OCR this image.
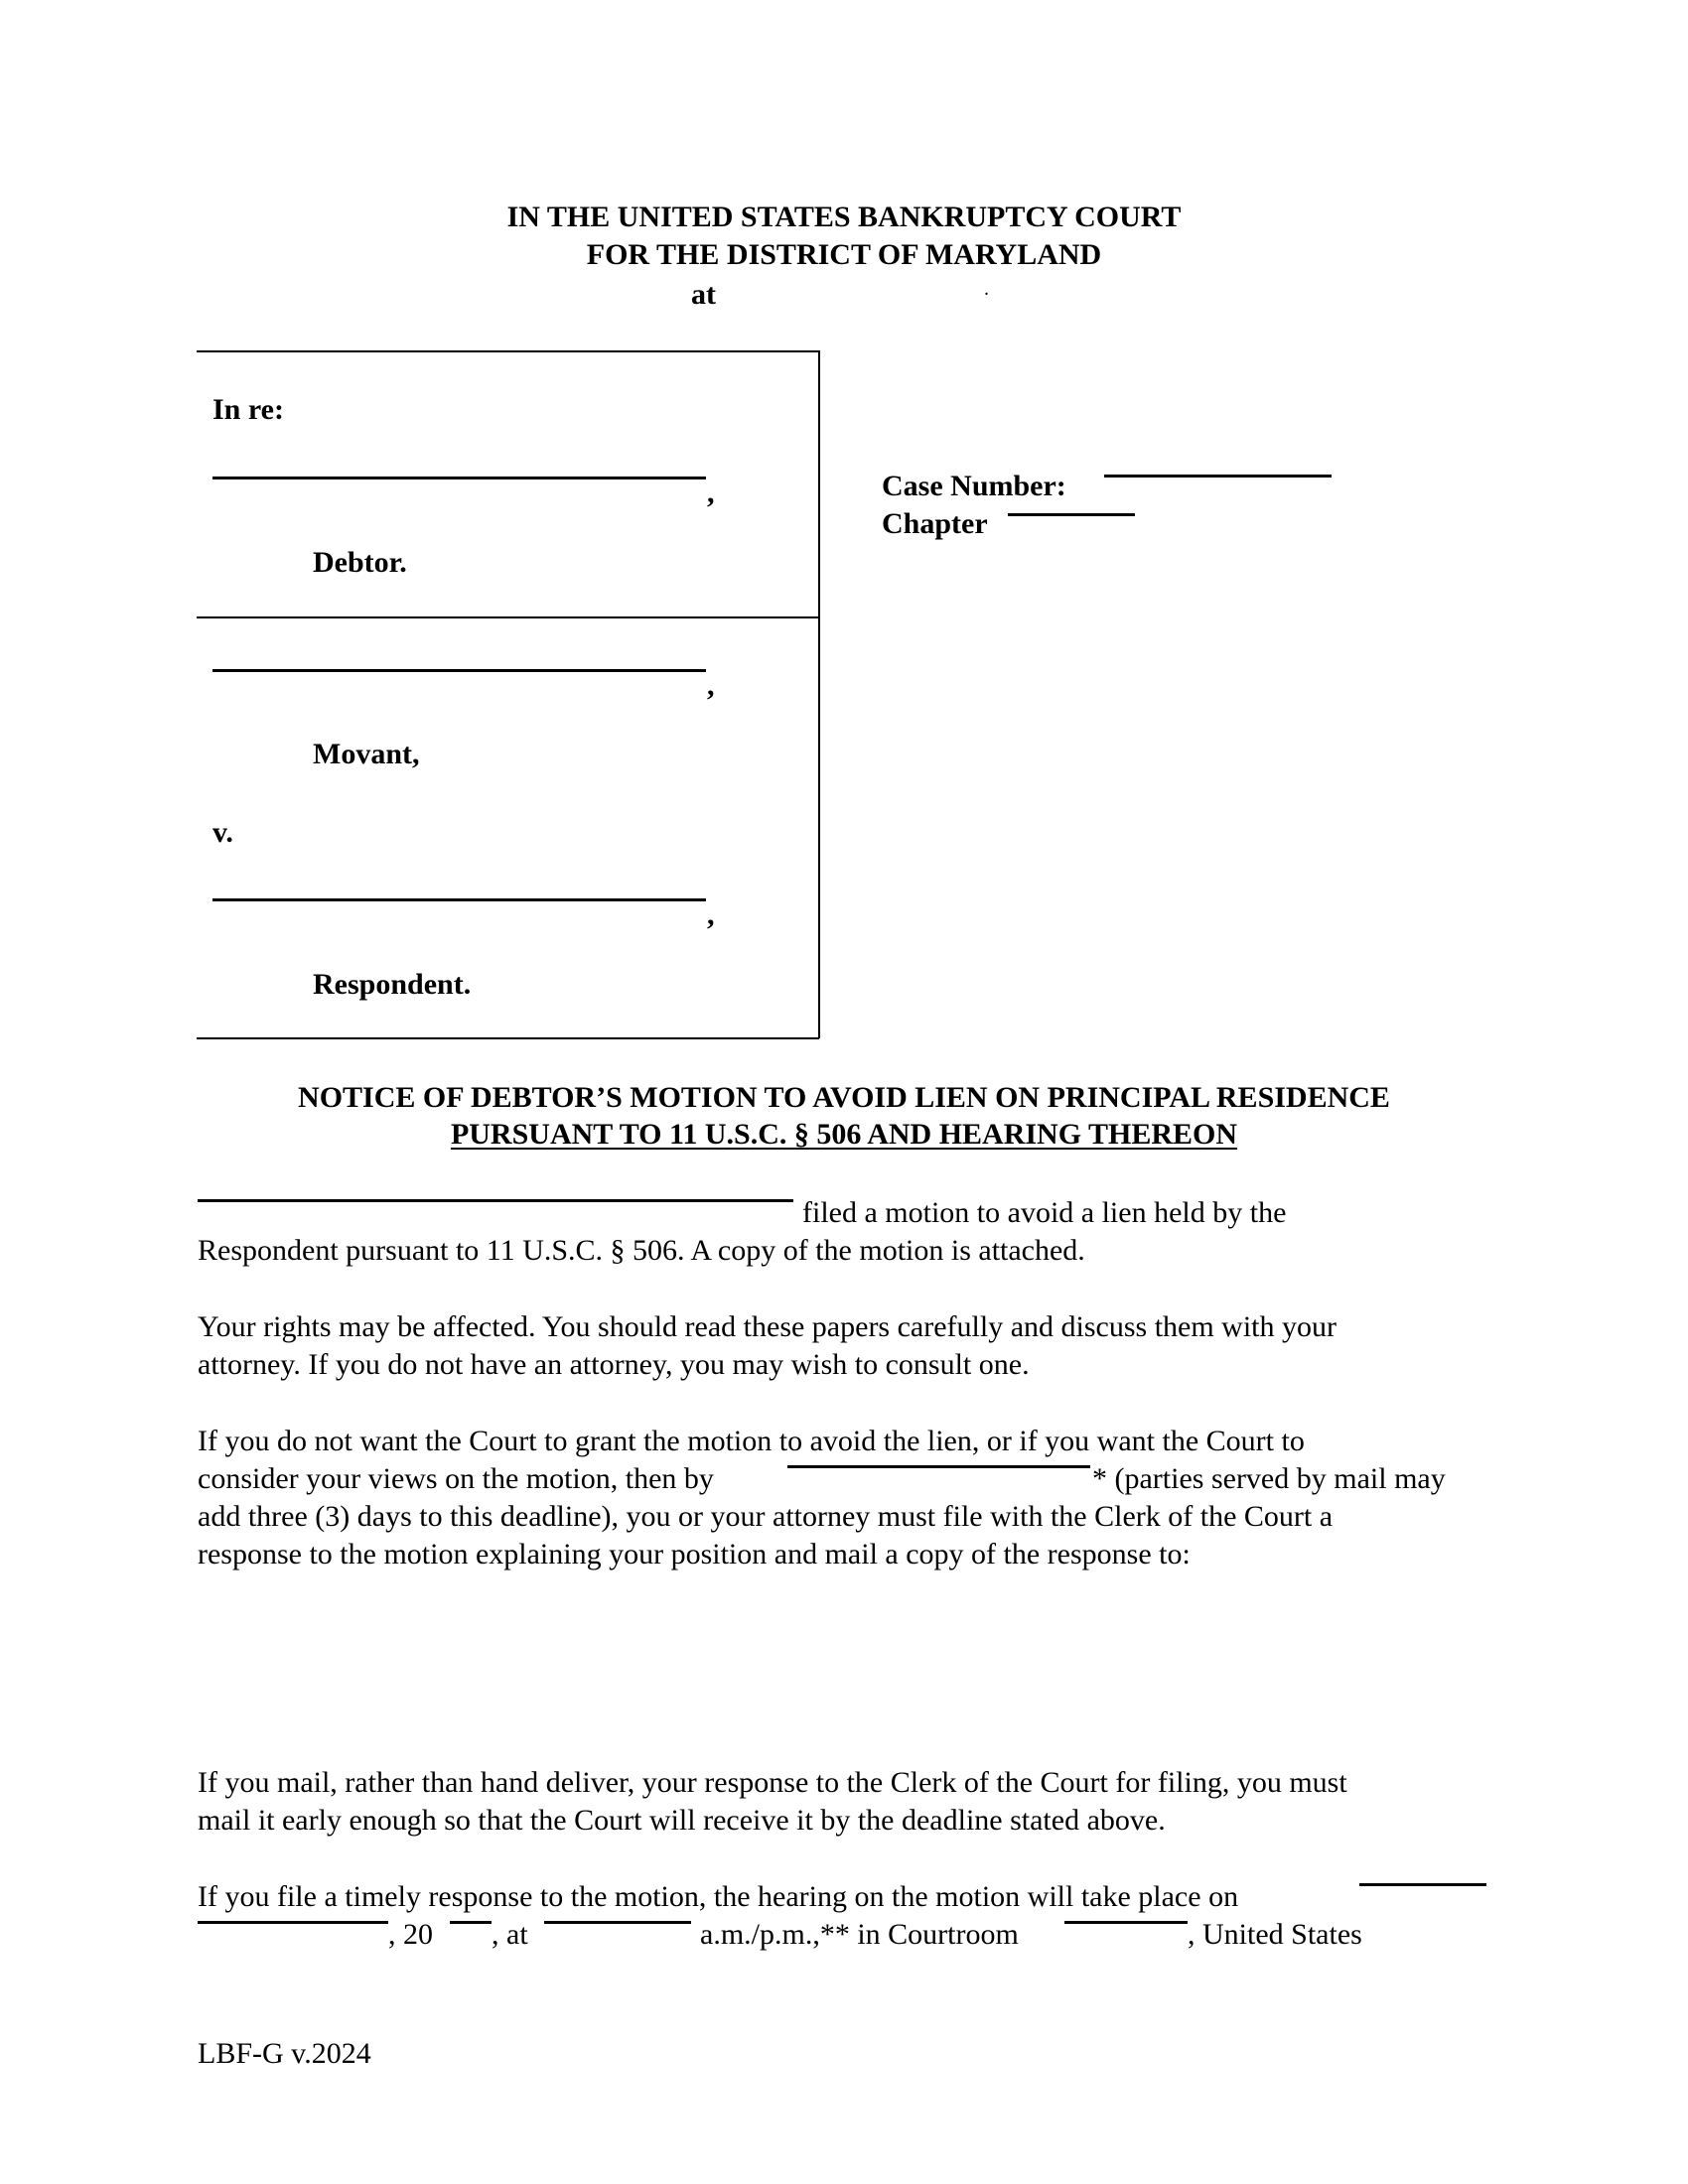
IN THE UNITED STATES BANKRUPTCY COURT
FOR THE DISTRICT OF MARYLAND
at	.
In re:
,
Debtor.
,
Movant,
v.
,
Respondent.
Case Number:
Chapter
NOTICE OF DEBTOR’S MOTION TO AVOID LIEN ON PRINCIPAL RESIDENCE
PURSUANT TO 11 U.S.C. § 506 AND HEARING THEREON
filed a motion to avoid a lien held by the
Respondent pursuant to 11 U.S.C. § 506. A copy of the motion is attached.
Your rights may be affected. You should read these papers carefully and discuss them with your
attorney. If you do not have an attorney, you may wish to consult one.
If you do not want the Court to grant the motion to avoid the lien, or if you want the Court to
consider your views on the motion, then by	* (parties served by mail may
add three (3) days to this deadline), you or your attorney must file with the Clerk of the Court a
response to the motion explaining your position and mail a copy of the response to:
If you mail, rather than hand deliver, your response to the Clerk of the Court for filing, you must
mail it early enough so that the Court will receive it by the deadline stated above.
If you file a timely response to the motion, the hearing on the motion will take place on
, 20 , at	a.m./p.m.,** in Courtroom	, United States
LBF-G v.2024
